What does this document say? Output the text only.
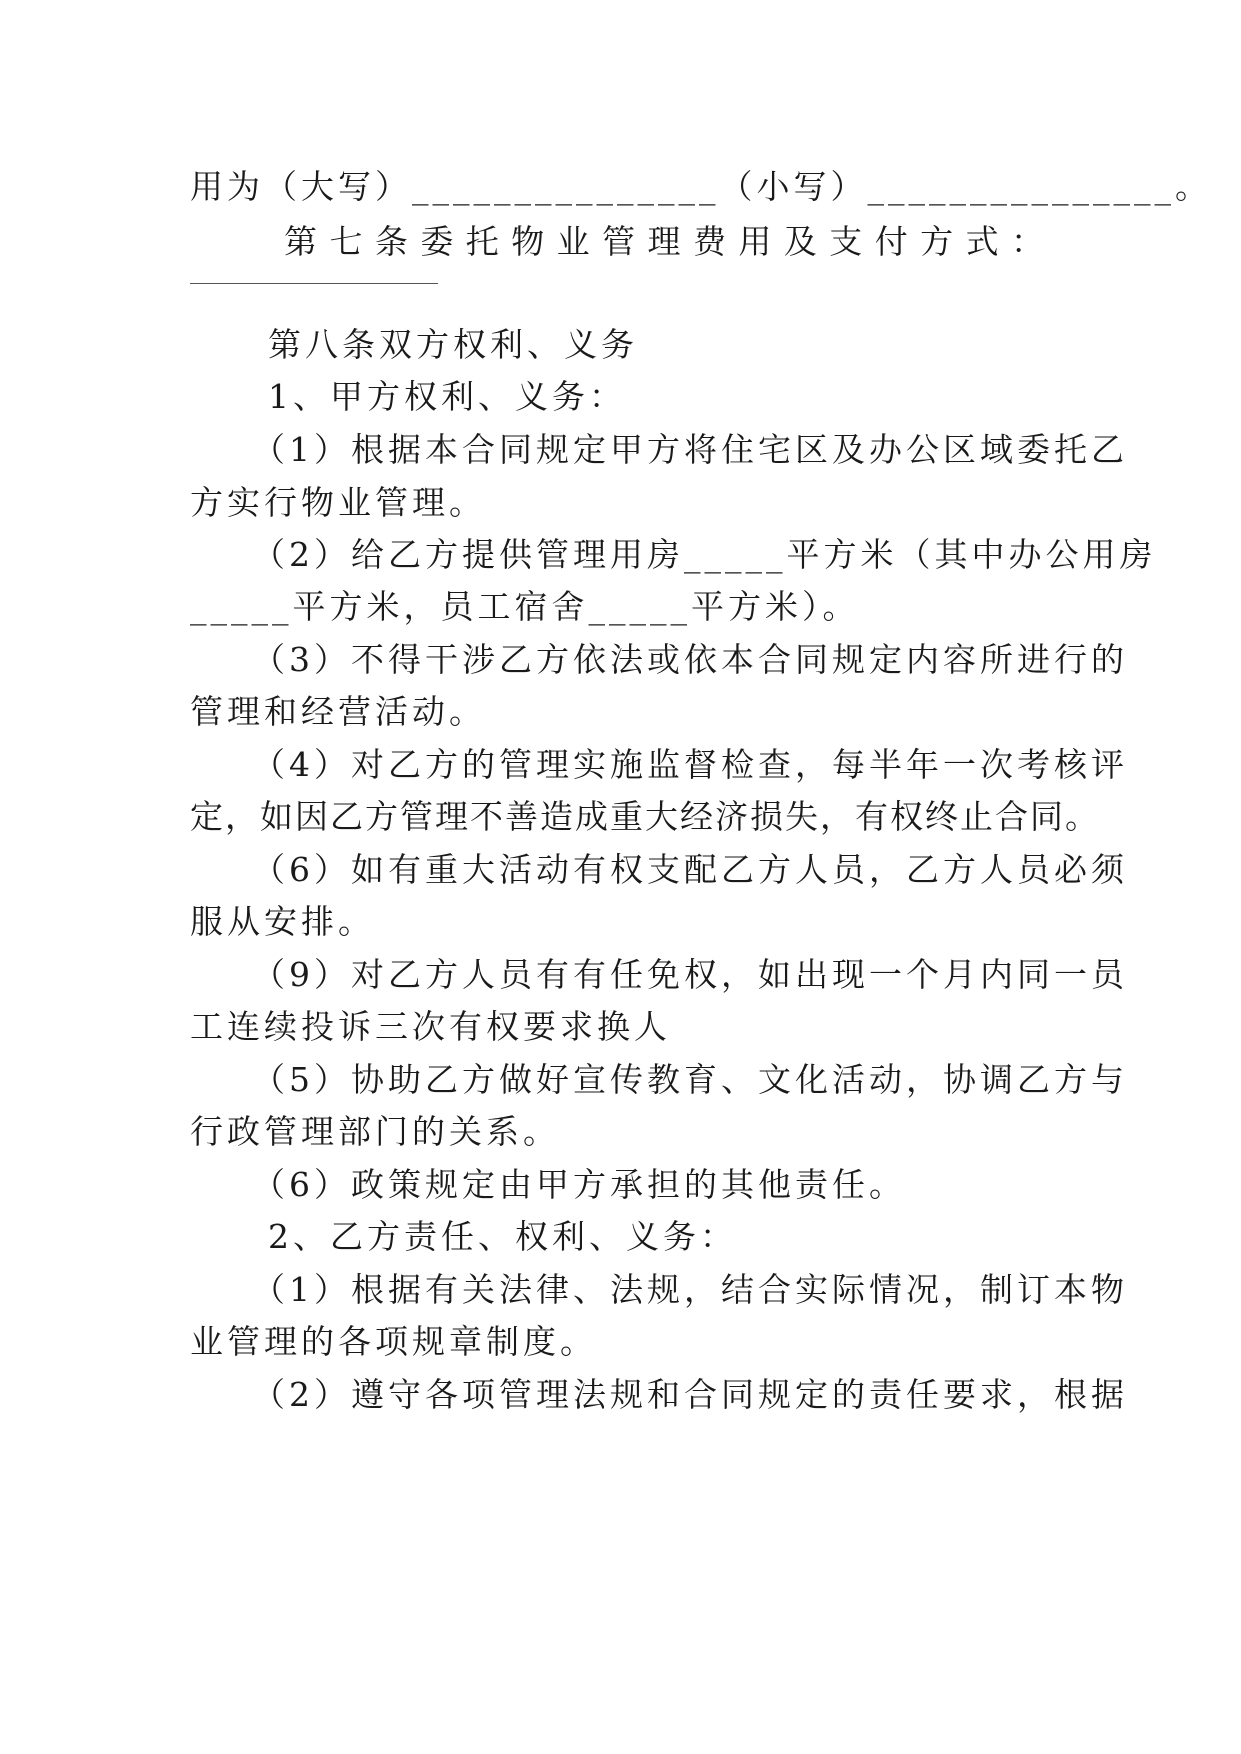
用为（大写）_______________（小写）_______________。
第 七 条 委 托 物 业 管 理 费 用 及 支 付 方 式 ：
第八条双方权利、义务
1、甲方权利、义务：
（1）根据本合同规定甲方将住宅区及办公区域委托乙
方实行物业管理。
（2）给乙方提供管理用房_____平方米（其中办公用房
_____平方米，员工宿舍_____平方米）。
（3）不得干涉乙方依法或依本合同规定内容所进行的
管理和经营活动。
（4）对乙方的管理实施监督检查，每半年一次考核评
定，如因乙方管理不善造成重大经济损失，有权终止合同。
（6）如有重大活动有权支配乙方人员，乙方人员必须
服从安排。
（9）对乙方人员有有任免权，如出现一个月内同一员
工连续投诉三次有权要求换人
（5）协助乙方做好宣传教育、文化活动，协调乙方与
行政管理部门的关系。
（6）政策规定由甲方承担的其他责任。
2、乙方责任、权利、义务：
（1）根据有关法律、法规，结合实际情况，制订本物
业管理的各项规章制度。
（2）遵守各项管理法规和合同规定的责任要求，根据
